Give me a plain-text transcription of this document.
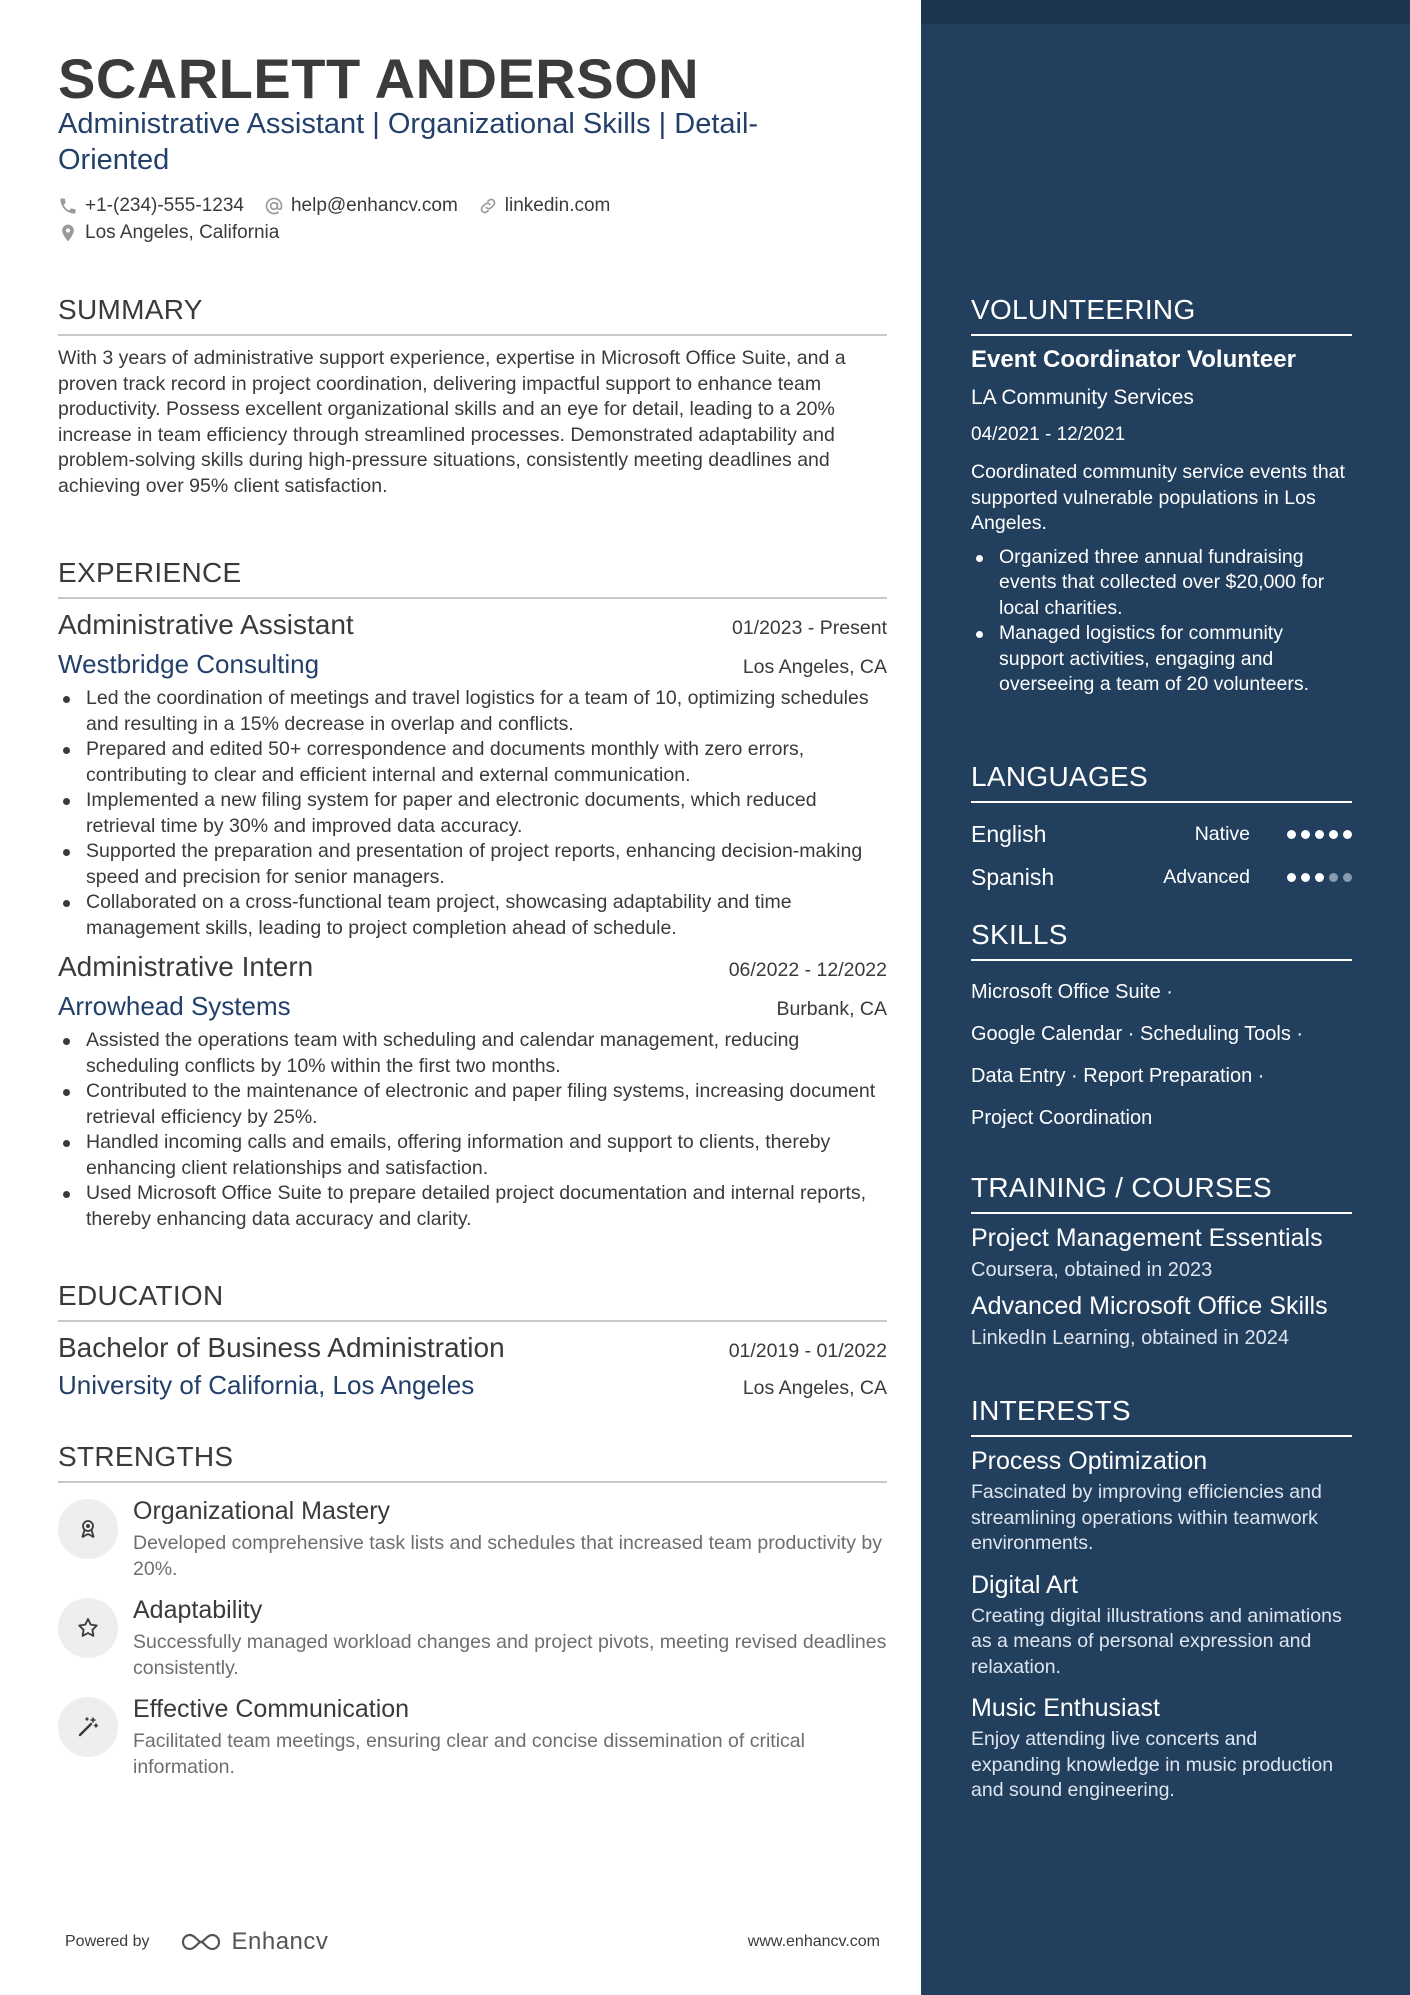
SCARLETT ANDERSON
Administrative Assistant | Organizational Skills | Detail-Oriented
+1-(234)-555-1234 help@enhancv.com linkedin.com
Los Angeles, California
SUMMARY
With 3 years of administrative support experience, expertise in Microsoft Office Suite, and a proven track record in project coordination, delivering impactful support to enhance team productivity. Possess excellent organizational skills and an eye for detail, leading to a 20% increase in team efficiency through streamlined processes. Demonstrated adaptability and problem-solving skills during high-pressure situations, consistently meeting deadlines and achieving over 95% client satisfaction.
EXPERIENCE
Administrative Assistant	01/2023 - Present
Westbridge Consulting	Los Angeles, CA
Led the coordination of meetings and travel logistics for a team of 10, optimizing schedules and resulting in a 15% decrease in overlap and conflicts.
Prepared and edited 50+ correspondence and documents monthly with zero errors, contributing to clear and efficient internal and external communication.
Implemented a new filing system for paper and electronic documents, which reduced retrieval time by 30% and improved data accuracy.
Supported the preparation and presentation of project reports, enhancing decision-making speed and precision for senior managers.
Collaborated on a cross-functional team project, showcasing adaptability and time management skills, leading to project completion ahead of schedule.
Administrative Intern	06/2022 - 12/2022
Arrowhead Systems	Burbank, CA
Assisted the operations team with scheduling and calendar management, reducing scheduling conflicts by 10% within the first two months.
Contributed to the maintenance of electronic and paper filing systems, increasing document retrieval efficiency by 25%.
Handled incoming calls and emails, offering information and support to clients, thereby enhancing client relationships and satisfaction.
Used Microsoft Office Suite to prepare detailed project documentation and internal reports, thereby enhancing data accuracy and clarity.
EDUCATION
Bachelor of Business Administration	01/2019 - 01/2022
University of California, Los Angeles	Los Angeles, CA
STRENGTHS
Organizational Mastery
Developed comprehensive task lists and schedules that increased team productivity by 20%.
Adaptability
Successfully managed workload changes and project pivots, meeting revised deadlines consistently.
Effective Communication
Facilitated team meetings, ensuring clear and concise dissemination of critical information.
Powered by	Enhancv	www.enhancv.com
VOLUNTEERING
Event Coordinator Volunteer
LA Community Services
04/2021 - 12/2021
Coordinated community service events that supported vulnerable populations in Los Angeles.
Organized three annual fundraising events that collected over $20,000 for local charities.
Managed logistics for community support activities, engaging and overseeing a team of 20 volunteers.
LANGUAGES
English	Native
Spanish	Advanced
SKILLS
Microsoft Office Suite ·
Google Calendar · Scheduling Tools ·
Data Entry · Report Preparation ·
Project Coordination
TRAINING / COURSES
Project Management Essentials
Coursera, obtained in 2023
Advanced Microsoft Office Skills
LinkedIn Learning, obtained in 2024
INTERESTS
Process Optimization
Fascinated by improving efficiencies and streamlining operations within teamwork environments.
Digital Art
Creating digital illustrations and animations as a means of personal expression and relaxation.
Music Enthusiast
Enjoy attending live concerts and expanding knowledge in music production and sound engineering.
